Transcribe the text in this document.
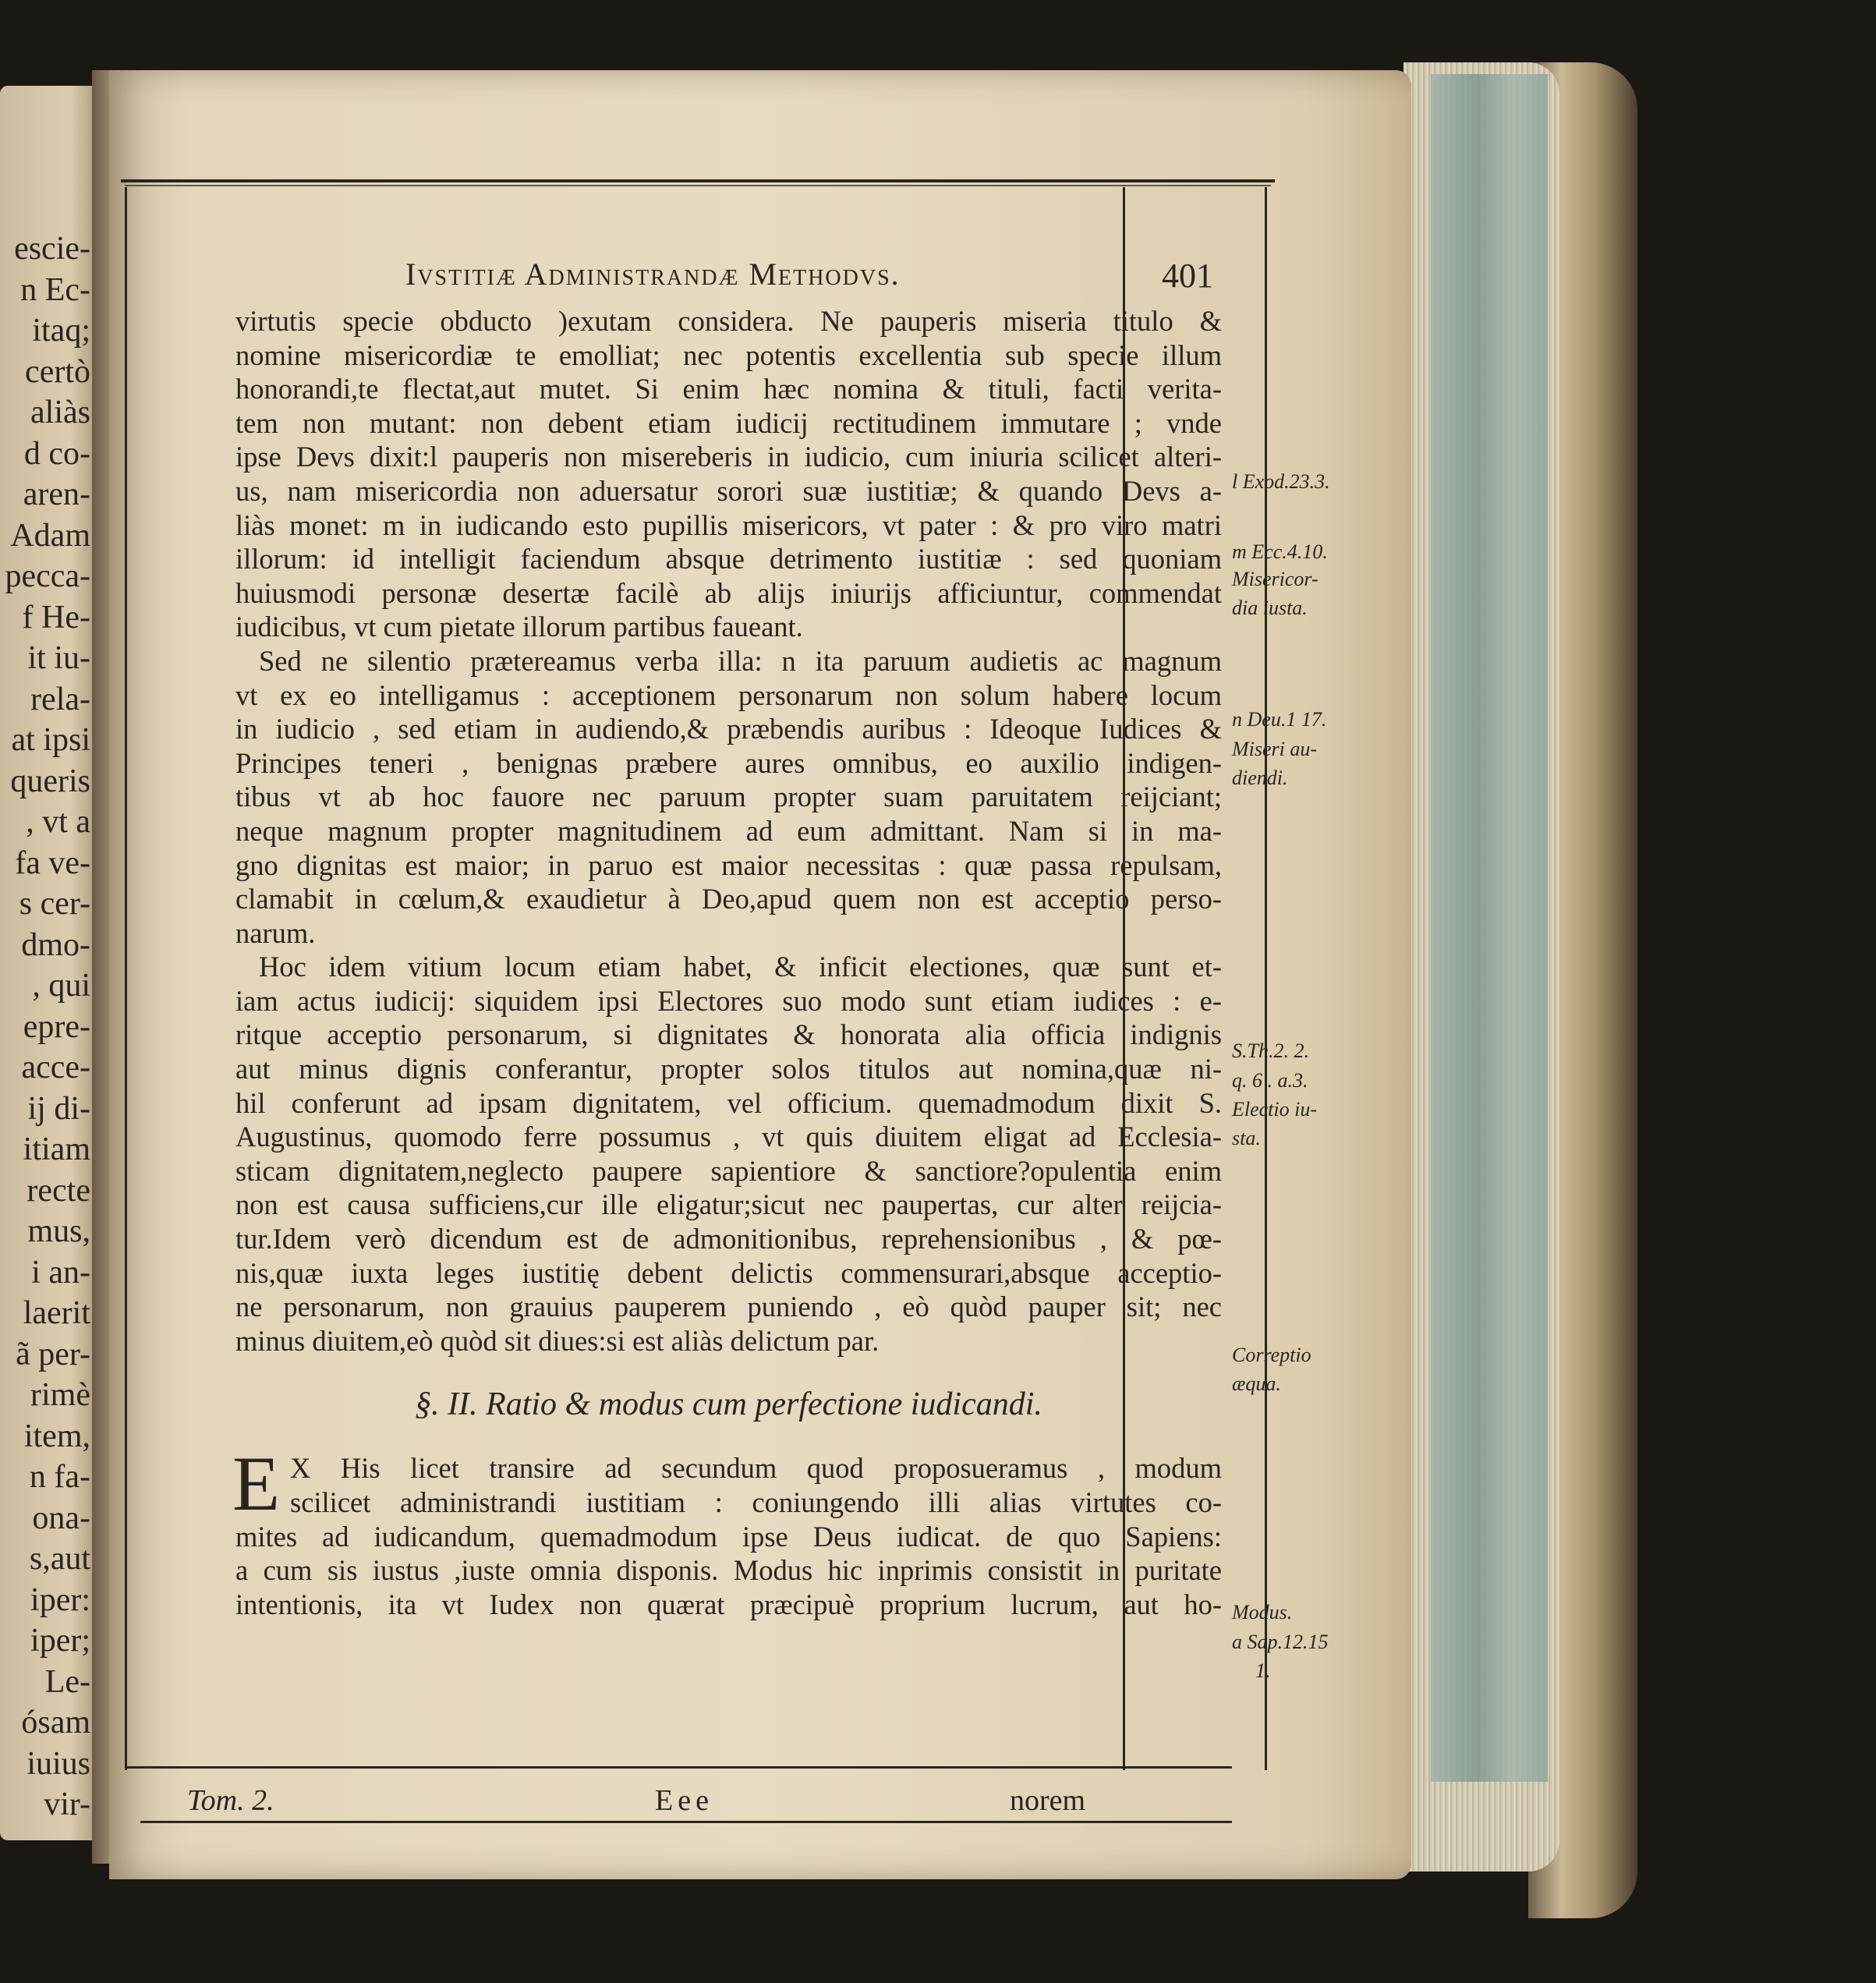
escie-
n Ec-
itaq;
certò
aliàs
d co-
aren-
Adam
pecca-
f He-
it iu-
rela-
at ipsi
queris
, vt a
fa ve-
s cer-
dmo-
, qui
epre-
acce-
ij di-
itiam
recte
mus,
i an-
laerit
ã per-
rimè
item,
n fa-
ona-
s,aut
iper:
iper;
Le-
ósam
iuius
vir-
Ivstitiæ Administrandæ Methodvs.	401
virtutis specie obducto )exutam considera. Ne pauperis miseria titulo &
nomine misericordiæ te emolliat; nec potentis excellentia sub specie illum
honorandi,te flectat,aut mutet. Si enim hæc nomina & tituli, facti verita-
tem non mutant: non debent etiam iudicij rectitudinem immutare ; vnde
ipse Devs dixit:l pauperis non misereberis in iudicio, cum iniuria scilicet alteri-
us, nam misericordia non aduersatur sorori suæ iustitiæ; & quando Devs a-
liàs monet: m in iudicando esto pupillis misericors, vt pater : & pro viro matri
illorum: id intelligit faciendum absque detrimento iustitiæ : sed quoniam
huiusmodi personæ desertæ facilè ab alijs iniurijs afficiuntur, commendat
iudicibus, vt cum pietate illorum partibus faueant.
Sed ne silentio prætereamus verba illa: n ita paruum audietis ac magnum
vt ex eo intelligamus : acceptionem personarum non solum habere locum
in iudicio , sed etiam in audiendo,& præbendis auribus : Ideoque Iudices &
Principes teneri , benignas præbere aures omnibus, eo auxilio indigen-
tibus vt ab hoc fauore nec paruum propter suam paruitatem reijciant;
neque magnum propter magnitudinem ad eum admittant. Nam si in ma-
gno dignitas est maior; in paruo est maior necessitas : quæ passa repulsam,
clamabit in cœlum,& exaudietur à Deo,apud quem non est acceptio perso-
narum.
Hoc idem vitium locum etiam habet, & inficit electiones, quæ sunt et-
iam actus iudicij: siquidem ipsi Electores suo modo sunt etiam iudices : e-
ritque acceptio personarum, si dignitates & honorata alia officia indignis
aut minus dignis conferantur, propter solos titulos aut nomina,quæ ni-
hil conferunt ad ipsam dignitatem, vel officium. quemadmodum dixit S.
Augustinus, quomodo ferre possumus , vt quis diuitem eligat ad Ecclesia-
sticam dignitatem,neglecto paupere sapientiore & sanctiore?opulentia enim
non est causa sufficiens,cur ille eligatur;sicut nec paupertas, cur alter reijcia-
tur.Idem verò dicendum est de admonitionibus, reprehensionibus , & pœ-
nis,quæ iuxta leges iustitię debent delictis commensurari,absque acceptio-
ne personarum, non grauius pauperem puniendo , eò quòd pauper sit; nec
minus diuitem,eò quòd sit diues:si est aliàs delictum par.
§. II. Ratio & modus cum perfectione iudicandi.
E X His licet transire ad secundum quod proposueramus , modum
scilicet administrandi iustitiam : coniungendo illi alias virtutes co-
mites ad iudicandum, quemadmodum ipse Deus iudicat. de quo Sapiens:
a cum sis iustus ,iuste omnia disponis. Modus hic inprimis consistit in puritate
intentionis, ita vt Iudex non quærat præcipuè proprium lucrum, aut ho-
l Exod.23.3.
m Ecc.4.10.
Misericor-
dia iusta.
n Deu.1 17.
Miseri au-
diendi.
S.Th.2. 2.
q. 6 . a.3.
Electio iu-
sta.
Correptio
æqua.
Modus.
a Sap.12.15
1.
Tom. 2.	Eee	norem
